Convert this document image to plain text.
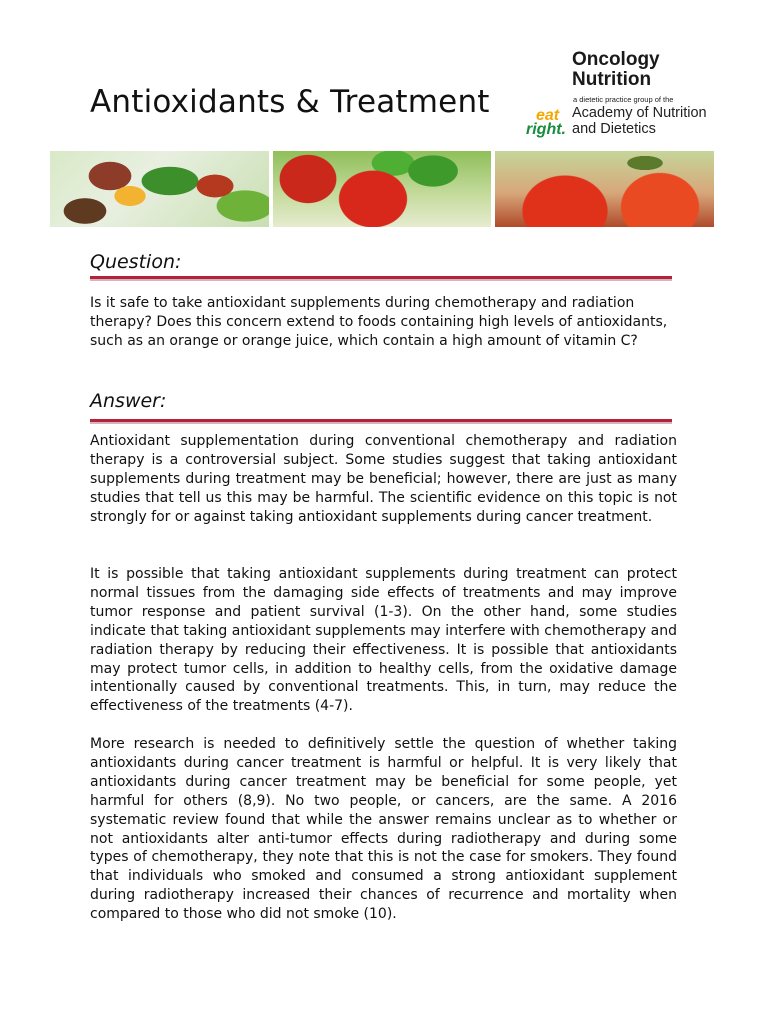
Antioxidants & Treatment
Oncology
Nutrition
a dietetic practice group of the
eat
right.
Academy of Nutrition
and Dietetics
Question:

Is it safe to take antioxidant supplements during chemotherapy and radiation therapy? Does this concern extend to foods containing high levels of antioxidants, such as an orange or orange juice, which contain a high amount of vitamin C?

Answer:

Antioxidant supplementation during conventional chemotherapy and radiation therapy is a controversial subject. Some studies suggest that taking antioxidant supplements during treatment may be beneficial; however, there are just as many studies that tell us this may be harmful. The scientific evidence on this topic is not strongly for or against taking antioxidant supplements during cancer treatment.

It is possible that taking antioxidant supplements during treatment can protect normal tissues from the damaging side effects of treatments and may improve tumor response and patient survival (1-3). On the other hand, some studies indicate that taking antioxidant supplements may interfere with chemotherapy and radiation therapy by reducing their effectiveness. It is possible that antioxidants may protect tumor cells, in addition to healthy cells, from the oxidative damage intentionally caused by conventional treatments. This, in turn, may reduce the effectiveness of the treatments (4-7).

More research is needed to definitively settle the question of whether taking antioxidants during cancer treatment is harmful or helpful. It is very likely that antioxidants during cancer treatment may be beneficial for some people, yet harmful for others (8,9). No two people, or cancers, are the same. A 2016 systematic review found that while the answer remains unclear as to whether or not antioxidants alter anti-tumor effects during radiotherapy and during some types of chemotherapy, they note that this is not the case for smokers. They found that individuals who smoked and consumed a strong antioxidant supplement during radiotherapy increased their chances of recurrence and mortality when compared to those who did not smoke (10).
